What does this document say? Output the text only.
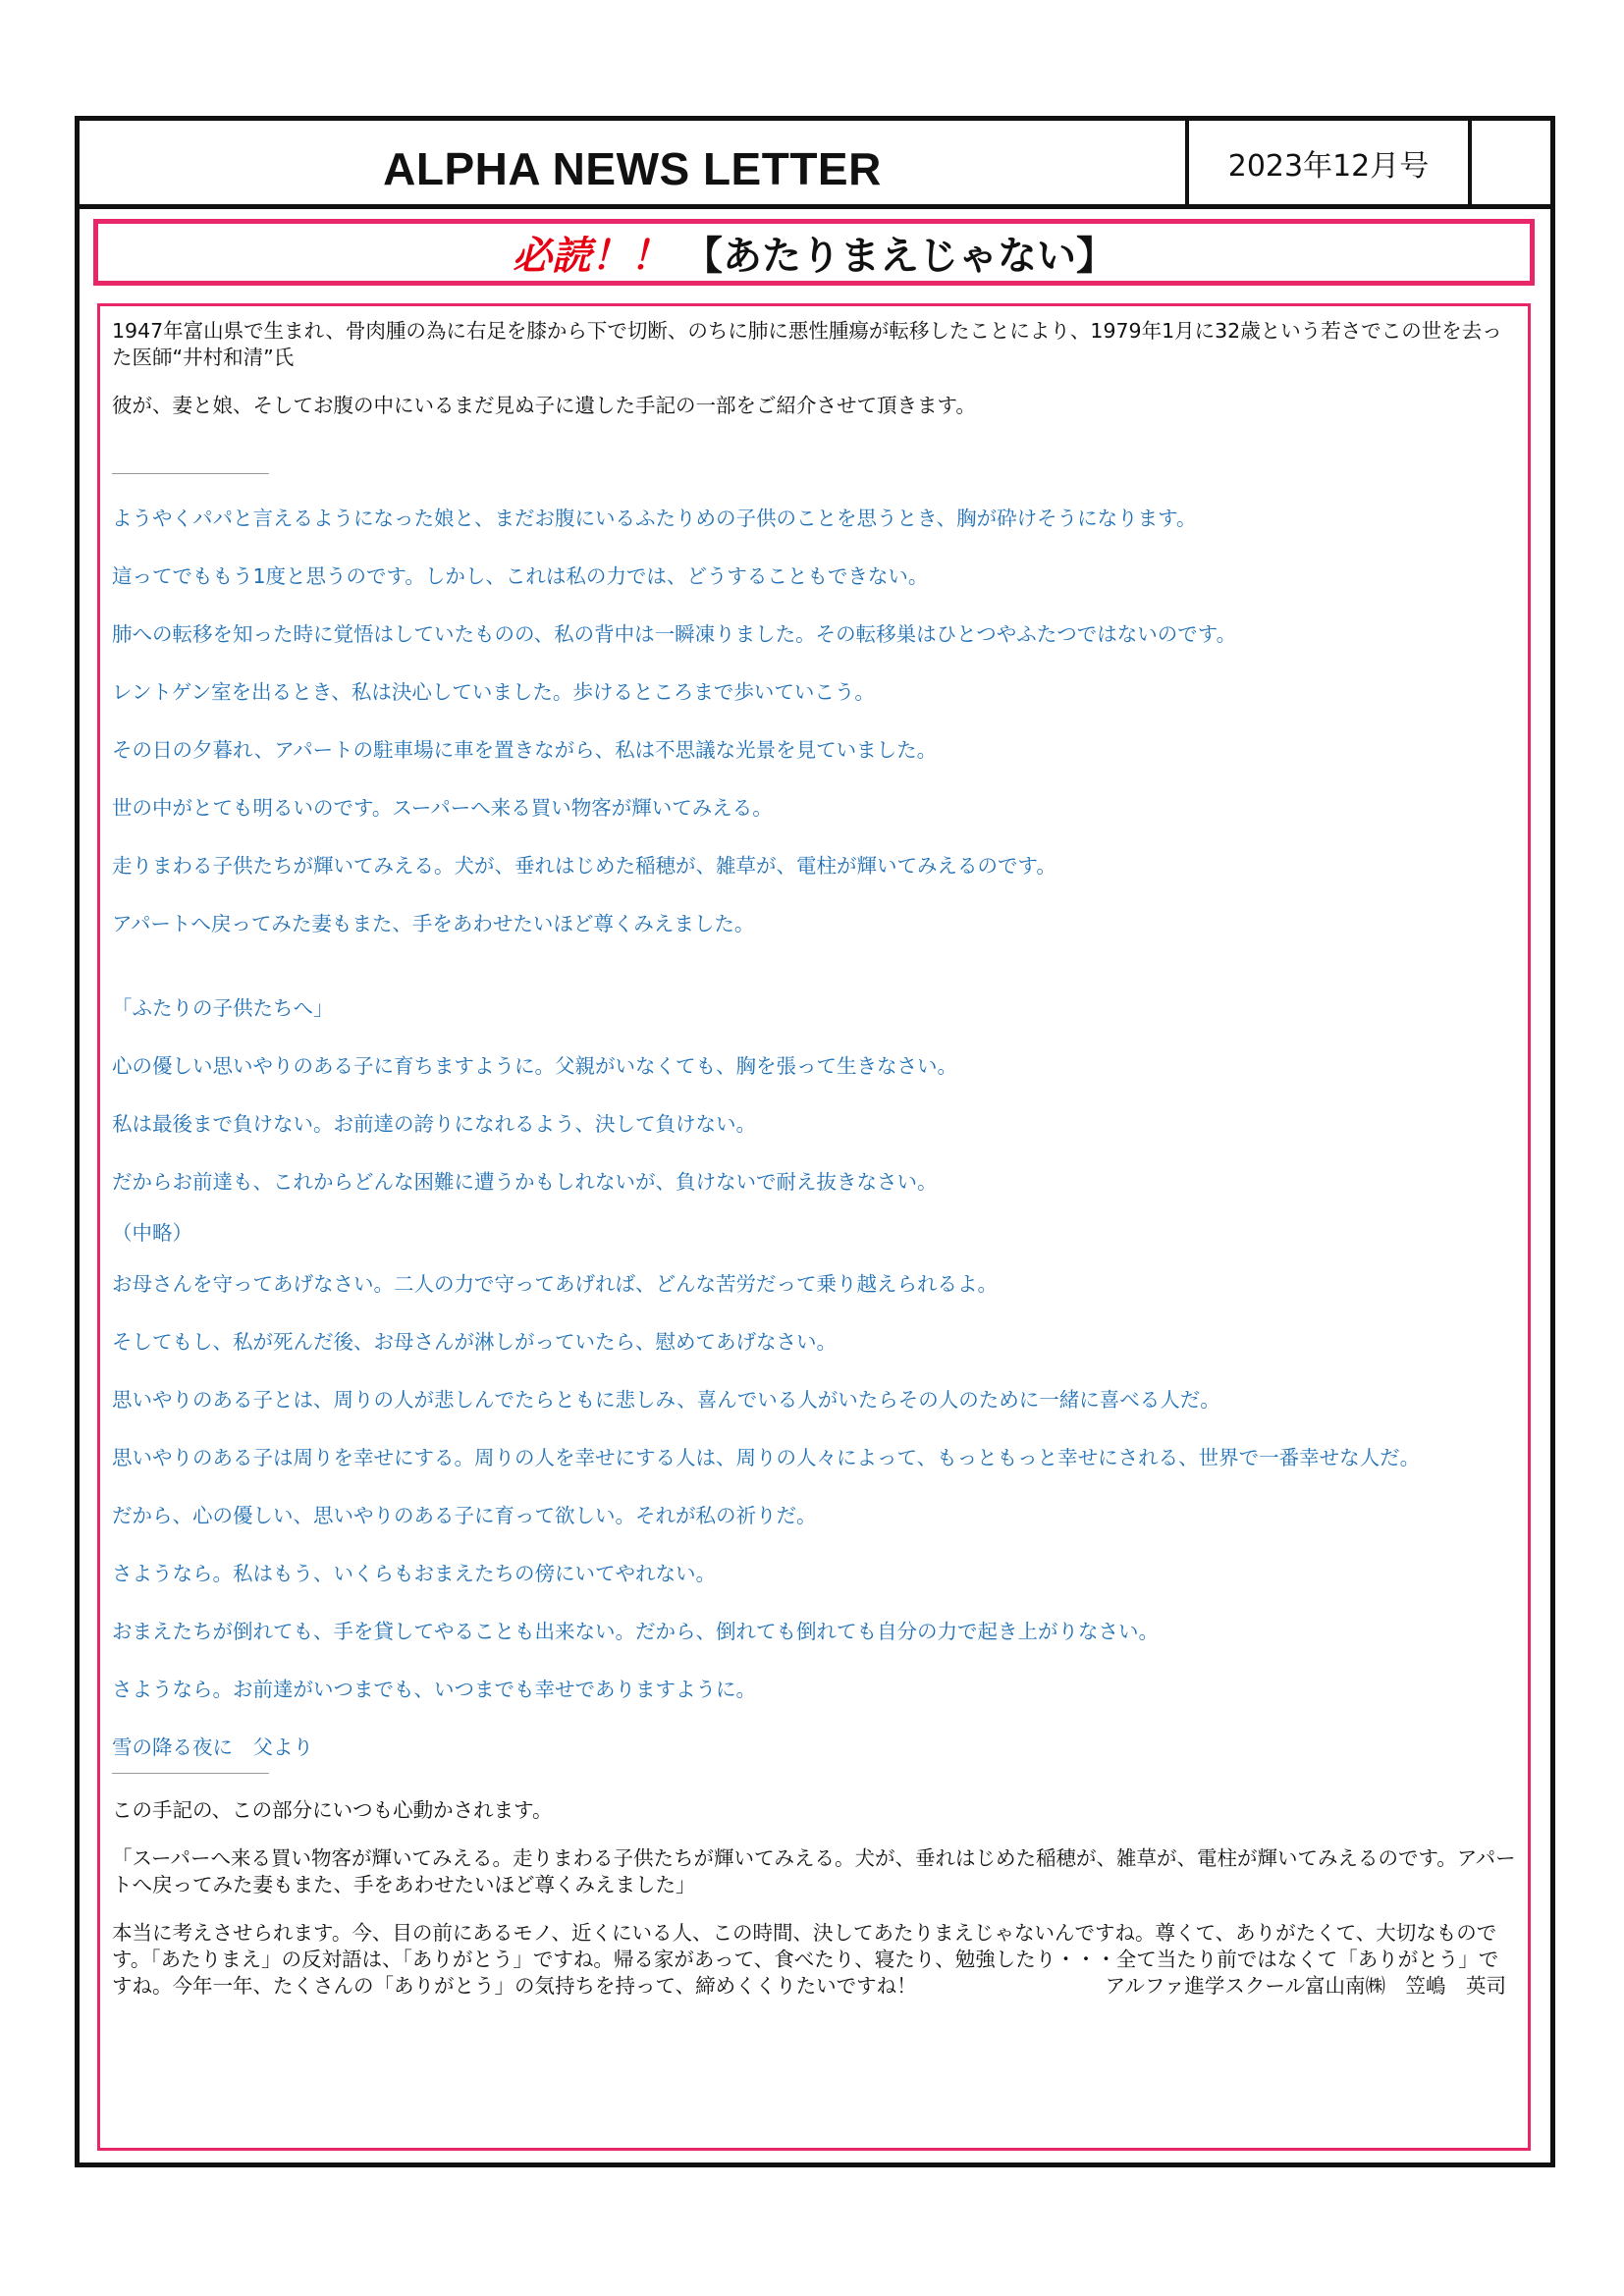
ALPHA NEWS LETTER	2023年12月号
必読！！ 【あたりまえじゃない】

1947年富山県で生まれ、骨肉腫の為に右足を膝から下で切断、のちに肺に悪性腫瘍が転移したことにより、1979年1月に32歳という若さでこの世を去った医師“井村和清”氏

彼が、妻と娘、そしてお腹の中にいるまだ見ぬ子に遺した手記の一部をご紹介させて頂きます。

ようやくパパと言えるようになった娘と、まだお腹にいるふたりめの子供のことを思うとき、胸が砕けそうになります。

這ってでももう1度と思うのです。しかし、これは私の力では、どうすることもできない。

肺への転移を知った時に覚悟はしていたものの、私の背中は一瞬凍りました。その転移巣はひとつやふたつではないのです。

レントゲン室を出るとき、私は決心していました。歩けるところまで歩いていこう。

その日の夕暮れ、アパートの駐車場に車を置きながら、私は不思議な光景を見ていました。

世の中がとても明るいのです。スーパーへ来る買い物客が輝いてみえる。

走りまわる子供たちが輝いてみえる。犬が、垂れはじめた稲穂が、雑草が、電柱が輝いてみえるのです。

アパートへ戻ってみた妻もまた、手をあわせたいほど尊くみえました。

「ふたりの子供たちへ」

心の優しい思いやりのある子に育ちますように。父親がいなくても、胸を張って生きなさい。

私は最後まで負けない。お前達の誇りになれるよう、決して負けない。

だからお前達も、これからどんな困難に遭うかもしれないが、負けないで耐え抜きなさい。

（中略）

お母さんを守ってあげなさい。二人の力で守ってあげれば、どんな苦労だって乗り越えられるよ。

そしてもし、私が死んだ後、お母さんが淋しがっていたら、慰めてあげなさい。

思いやりのある子とは、周りの人が悲しんでたらともに悲しみ、喜んでいる人がいたらその人のために一緒に喜べる人だ。

思いやりのある子は周りを幸せにする。周りの人を幸せにする人は、周りの人々によって、もっともっと幸せにされる、世界で一番幸せな人だ。

だから、心の優しい、思いやりのある子に育って欲しい。それが私の祈りだ。

さようなら。私はもう、いくらもおまえたちの傍にいてやれない。

おまえたちが倒れても、手を貸してやることも出来ない。だから、倒れても倒れても自分の力で起き上がりなさい。

さようなら。お前達がいつまでも、いつまでも幸せでありますように。

雪の降る夜に　父より

この手記の、この部分にいつも心動かされます。

「スーパーへ来る買い物客が輝いてみえる。走りまわる子供たちが輝いてみえる。犬が、垂れはじめた稲穂が、雑草が、電柱が輝いてみえるのです。アパートへ戻ってみた妻もまた、手をあわせたいほど尊くみえました」

本当に考えさせられます。今、目の前にあるモノ、近くにいる人、この時間、決してあたりまえじゃないんですね。尊くて、ありがたくて、大切なものです。「あたりまえ」の反対語は、「ありがとう」ですね。帰る家があって、食べたり、寝たり、勉強したり・・・全て当たり前ではなくて「ありがとう」ですね。今年一年、たくさんの「ありがとう」の気持ちを持って、締めくくりたいですね！	アルファ進学スクール富山南㈱　笠嶋　英司
